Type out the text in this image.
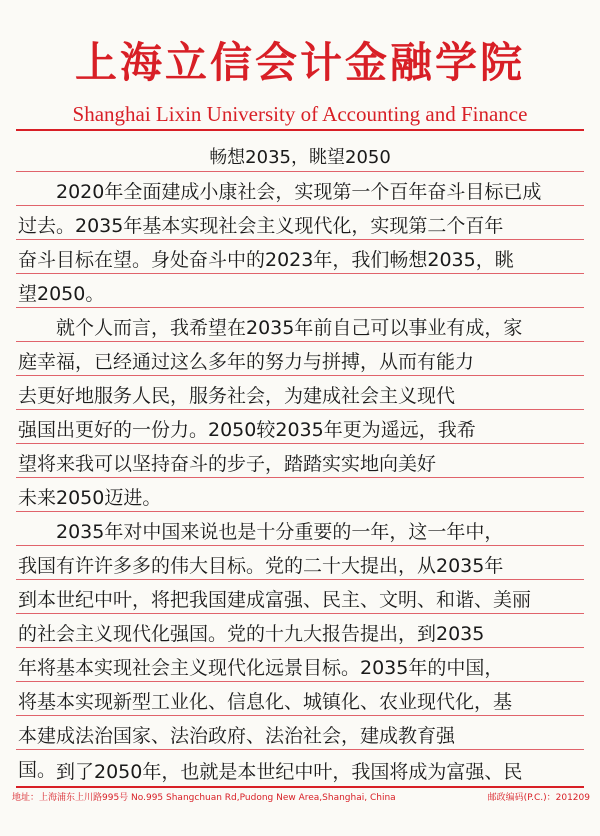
上海立信会计金融学院
Shanghai Lixin University of Accounting and Finance
畅想2035，眺望2050
2020年全面建成小康社会，实现第一个百年奋斗目标已成
过去。2035年基本实现社会主义现代化，实现第二个百年
奋斗目标在望。身处奋斗中的2023年，我们畅想2035，眺
望2050。
就个人而言，我希望在2035年前自己可以事业有成，家
庭幸福，已经通过这么多年的努力与拼搏，从而有能力
去更好地服务人民，服务社会，为建成社会主义现代
强国出更好的一份力。2050较2035年更为遥远，我希
望将来我可以坚持奋斗的步子，踏踏实实地向美好
未来2050迈进。
2035年对中国来说也是十分重要的一年，这一年中，
我国有许许多多的伟大目标。党的二十大提出，从2035年
到本世纪中叶，将把我国建成富强、民主、文明、和谐、美丽
的社会主义现代化强国。党的十九大报告提出，到2035
年将基本实现社会主义现代化远景目标。2035年的中国，
将基本实现新型工业化、信息化、城镇化、农业现代化，基
本建成法治国家、法治政府、法治社会，建成教育强
国。 到了2050年，也就是本世纪中叶，我国将成为富强、民
地址：上海浦东上川路995号 No.995 Shangchuan Rd,Pudong New Area,Shanghai, China	邮政编码(P.C.)：201209
